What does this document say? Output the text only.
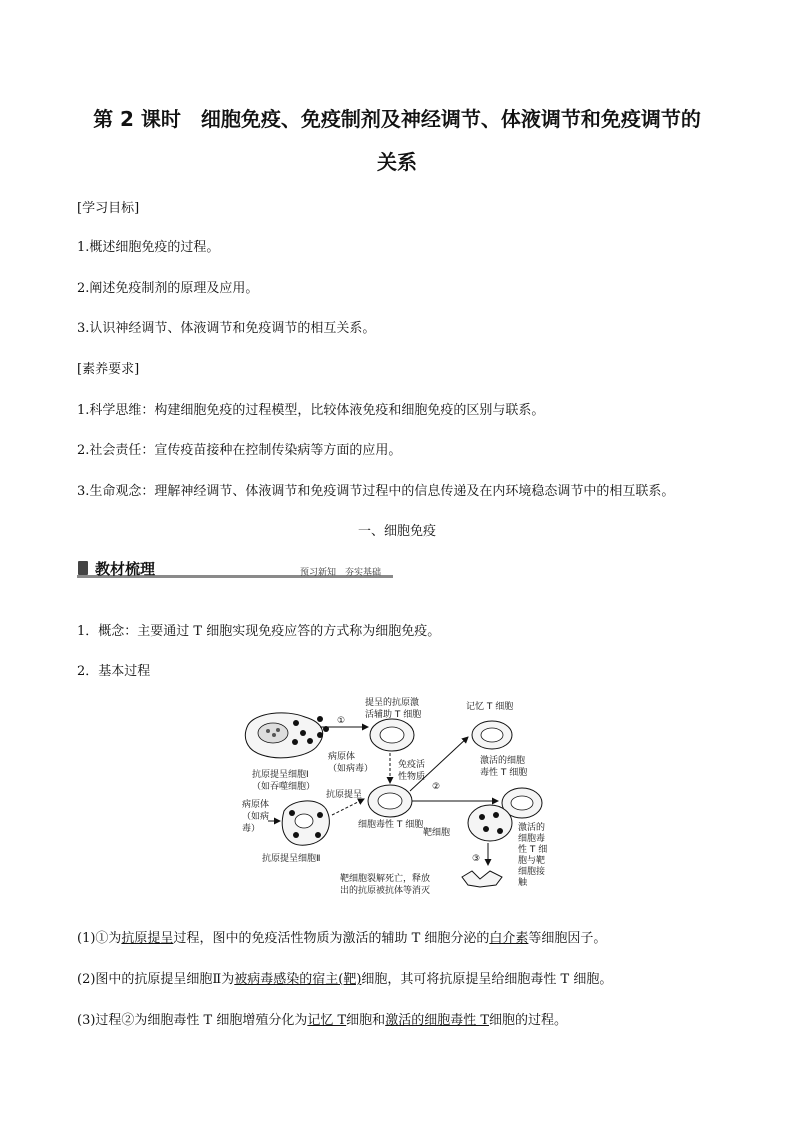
第 2 课时　细胞免疫、免疫制剂及神经调节、体液调节和免疫调节的
关系
[学习目标]
1.概述细胞免疫的过程。
2.阐述免疫制剂的原理及应用。
3.认识神经调节、体液调节和免疫调节的相互关系。
[素养要求]
1.科学思维：构建细胞免疫的过程模型，比较体液免疫和细胞免疫的区别与联系。
2.社会责任：宣传疫苗接种在控制传染病等方面的应用。
3.生命观念：理解神经调节、体液调节和免疫调节过程中的信息传递及在内环境稳态调节中的相互联系。
一、细胞免疫
教材梳理	预习新知　夯实基础
1．概念：主要通过 T 细胞实现免疫应答的方式称为细胞免疫。
2．基本过程
抗原提呈细胞Ⅰ
（如吞噬细胞）
病原体
（如病毒）
①
提呈的抗原激
活辅助 T 细胞
免疫活
性物质
细胞毒性 T 细胞
②
记忆 T 细胞
激活的细胞
毒性 T 细胞
靶细胞	激活的
细胞毒
性 T 细
胞与靶
细胞接
触
③
靶细胞裂解死亡，释放
出的抗原被抗体等消灭
病原体
（如病
毒）
抗原提呈细胞Ⅱ
抗原提呈
(1)①为抗原提呈过程，图中的免疫活性物质为激活的辅助 T 细胞分泌的白介素等细胞因子。
(2)图中的抗原提呈细胞Ⅱ为被病毒感染的宿主(靶)细胞，其可将抗原提呈给细胞毒性 T 细胞。
(3)过程②为细胞毒性 T 细胞增殖分化为记忆 T细胞和激活的细胞毒性 T细胞的过程。
